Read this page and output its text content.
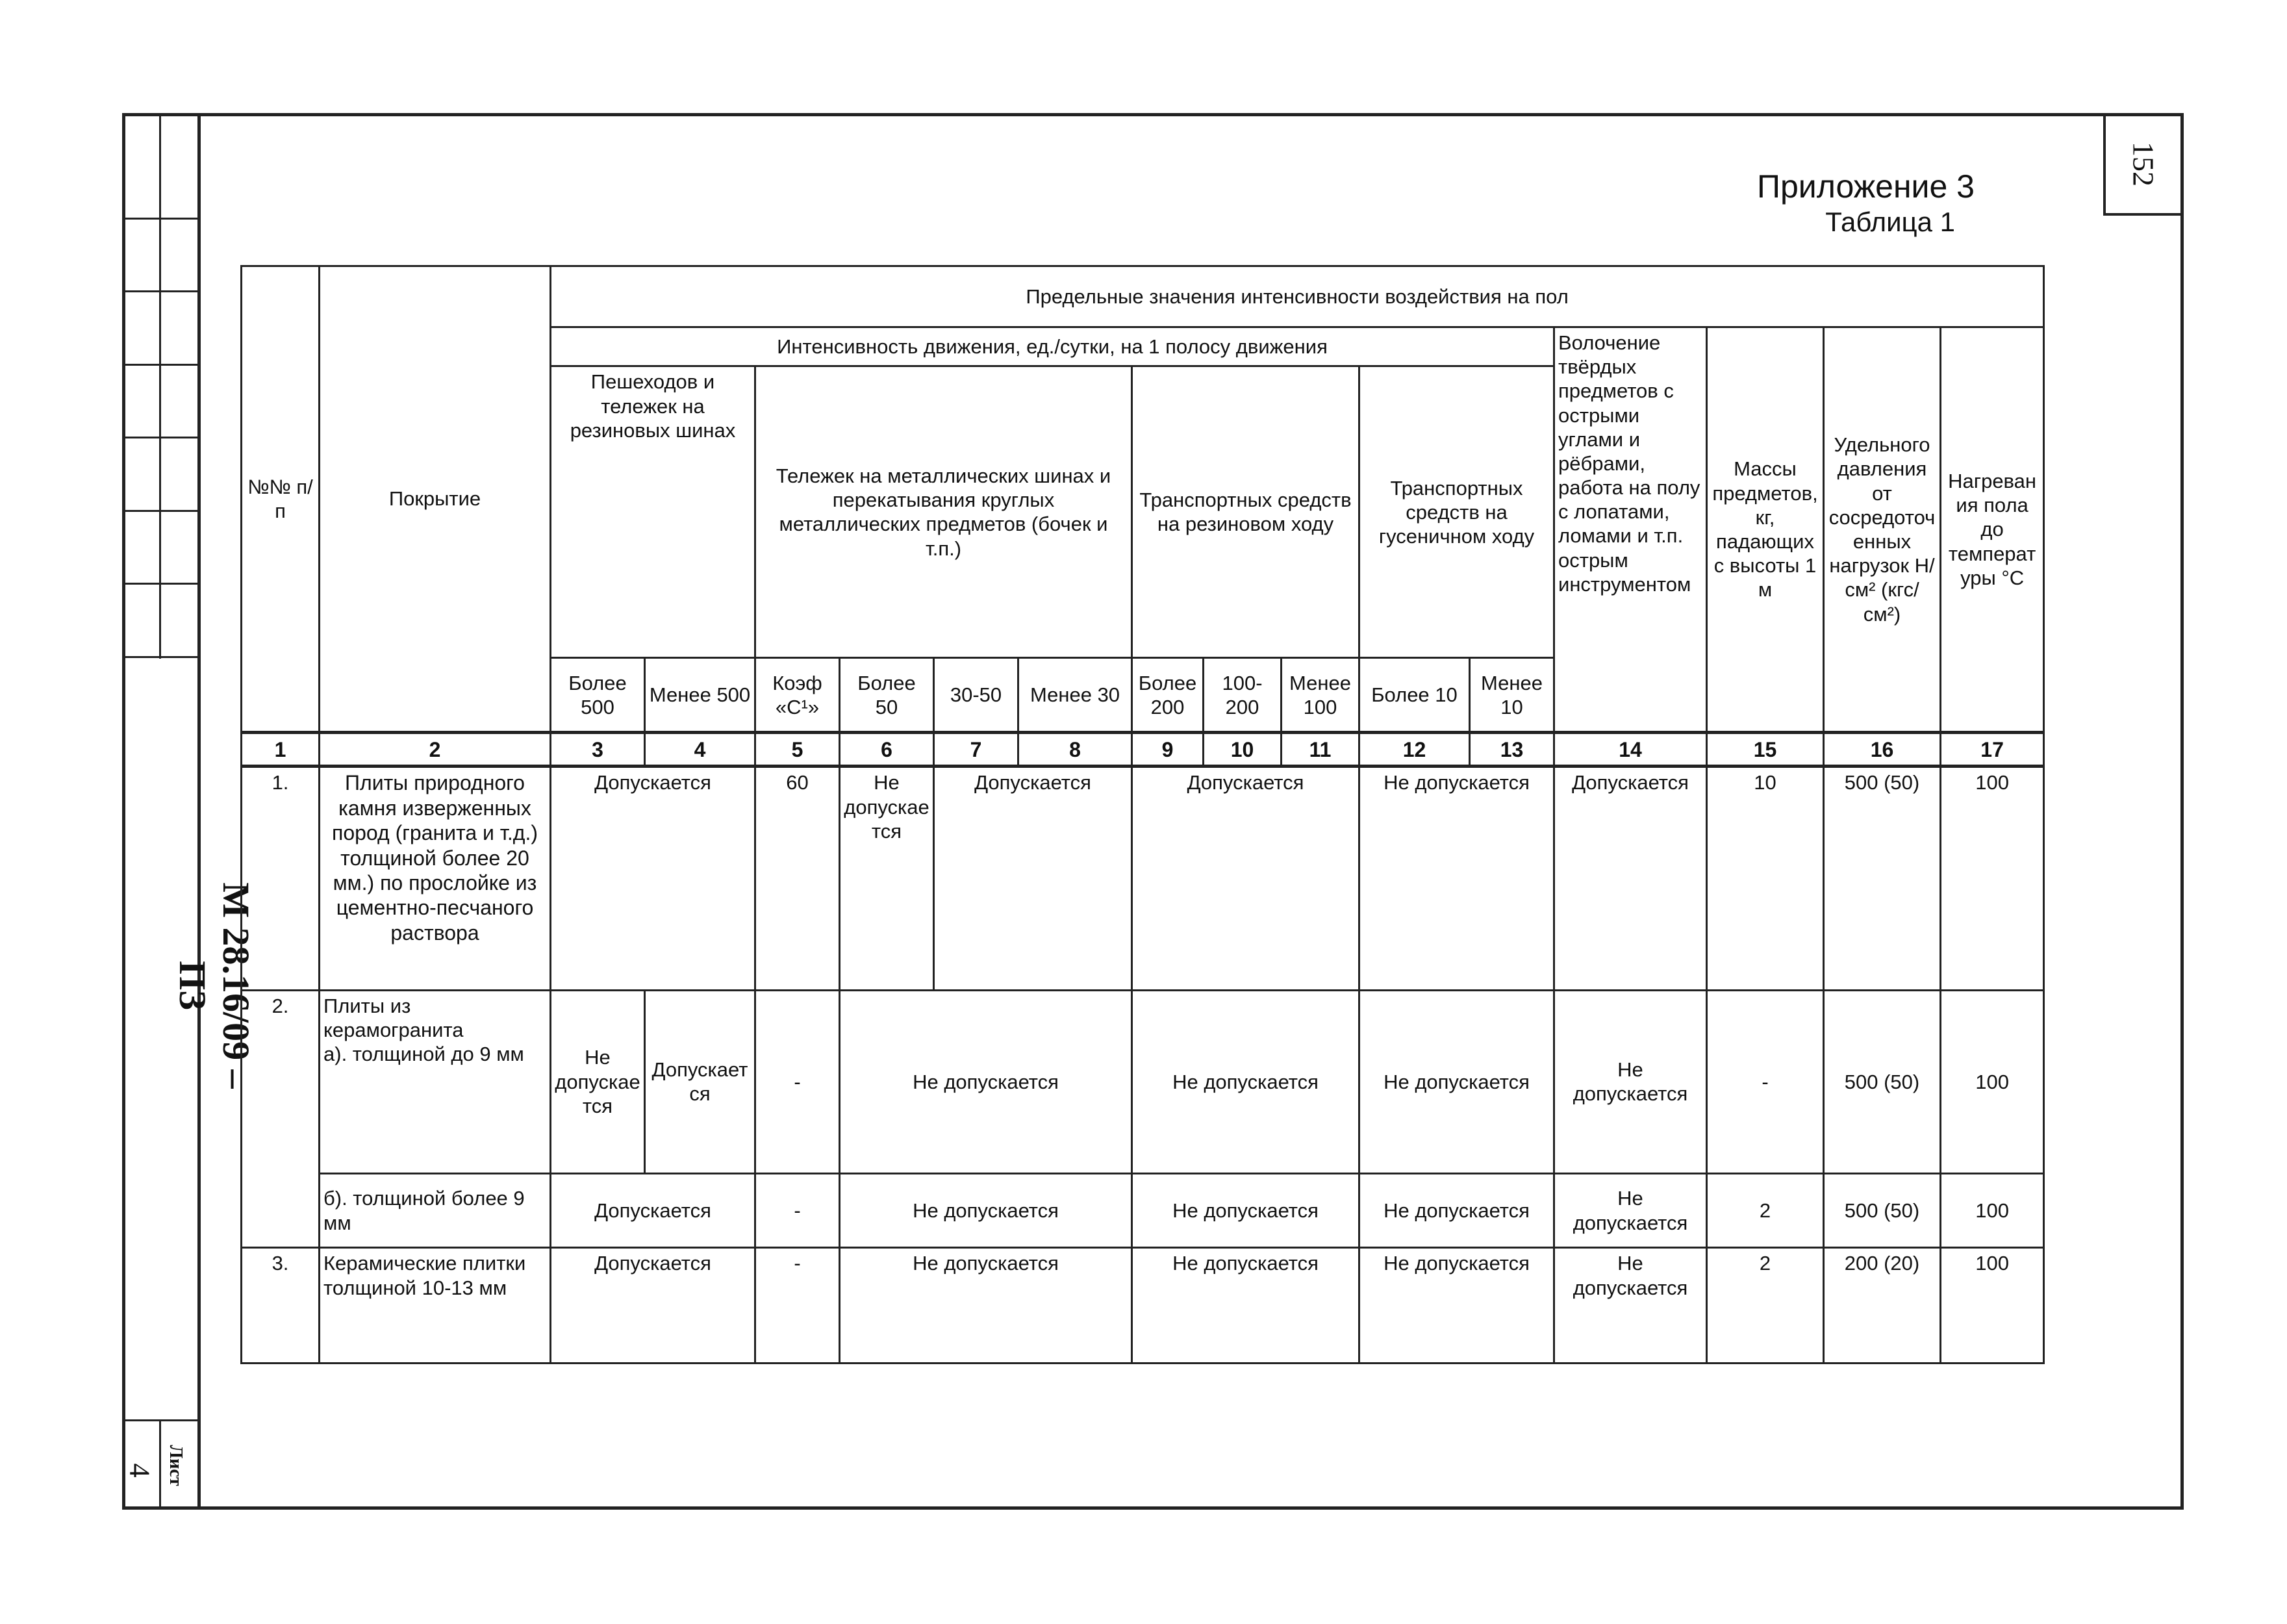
М 28.16/09 – ПЗ
Лист
4
152
Приложение 3
Таблица 1
№№ п/п	Покрытие	Предельные значения интенсивности воздействия на пол														
		Интенсивность движения, ед./сутки, на 1 полосу движения											Волочение твёрдых предметов с острыми углами и рёбрами, работа на полу с лопатами, ломами и т.п. острым инструментом	Массы предметов, кг, падающих с высоты 1 м	Удельного давления от сосредоточенных нагрузок Н/см² (кгс/см²)	Нагревания пола до температуры °С
		Пешеходов и тележек на резиновых шинах		Тележек на металлических шинах и перекатывания круглых металлических предметов (бочек и т.п.)				Транспортных средств на резиновом ходу			Транспортных средств на гусеничном ходу					
		Более 500	Менее 500	Коэф «С¹»	Более 50	30-50	Менее 30	Более 200	100-200	Менее 100	Более 10	Менее 10				
1	2	3	4	5	6	7	8	9	10	11	12	13	14	15	16	17
1.	Плиты природного камня изверженных пород (гранита и т.д.) толщиной более 20 мм.) по прослойке из цементно-песчаного раствора	Допускается		60	Не допускается	Допускается		Допускается			Не допускается		Допускается	10	500 (50)	100
2.	Плиты из керамогранита
а). толщиной до 9 мм	Не допускается	Допускается	-	Не допускается			Не допускается			Не допускается		Не допускается	-	500 (50)	100
	б). толщиной более 9 мм	Допускается		-	Не допускается			Не допускается			Не допускается		Не допускается	2	500 (50)	100
3.	Керамические плитки толщиной 10-13 мм	Допускается		-	Не допускается			Не допускается			Не допускается		Не допускается	2	200 (20)	100
